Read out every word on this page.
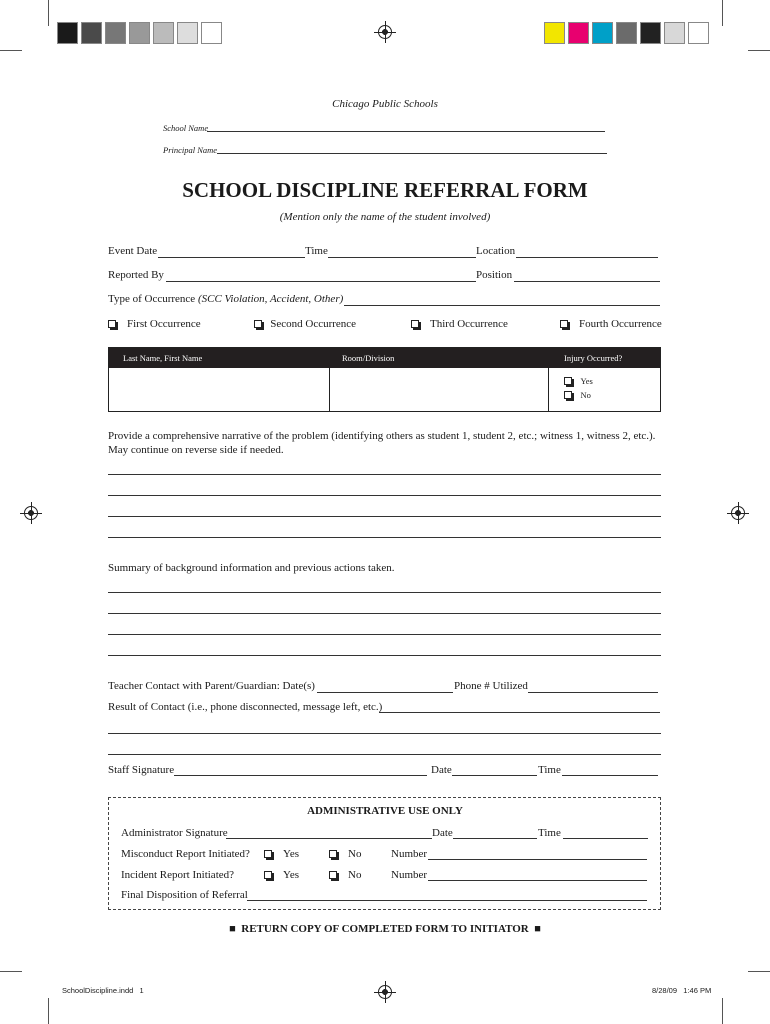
Chicago Public Schools
School Name
Principal Name
SCHOOL DISCIPLINE REFERRAL FORM
(Mention only the name of the student involved)
Event Date	Time	Location
Reported By	Position
Type of Occurrence (SCC Violation, Accident, Other)
First Occurrence	Second Occurrence	Third Occurrence	Fourth Occurrence
Last Name, First Name	Room/Division	Injury Occurred?
Yes
No
Provide a comprehensive narrative of the problem (identifying others as student 1, student 2, etc.; witness 1, witness 2, etc.).
May continue on reverse side if needed.
Summary of background information and previous actions taken.
Teacher Contact with Parent/Guardian: Date(s)	Phone # Utilized
Result of Contact (i.e., phone disconnected, message left, etc.)
Staff Signature	Date	Time
ADMINISTRATIVE USE ONLY
Administrator Signature	Date	Time
Misconduct Report Initiated?	Yes	No	Number
Incident Report Initiated?	Yes	No	Number
Final Disposition of Referral
■ RETURN COPY OF COMPLETED FORM TO INITIATOR ■
SchoolDiscipline.indd   1	8/28/09   1:46 PM
